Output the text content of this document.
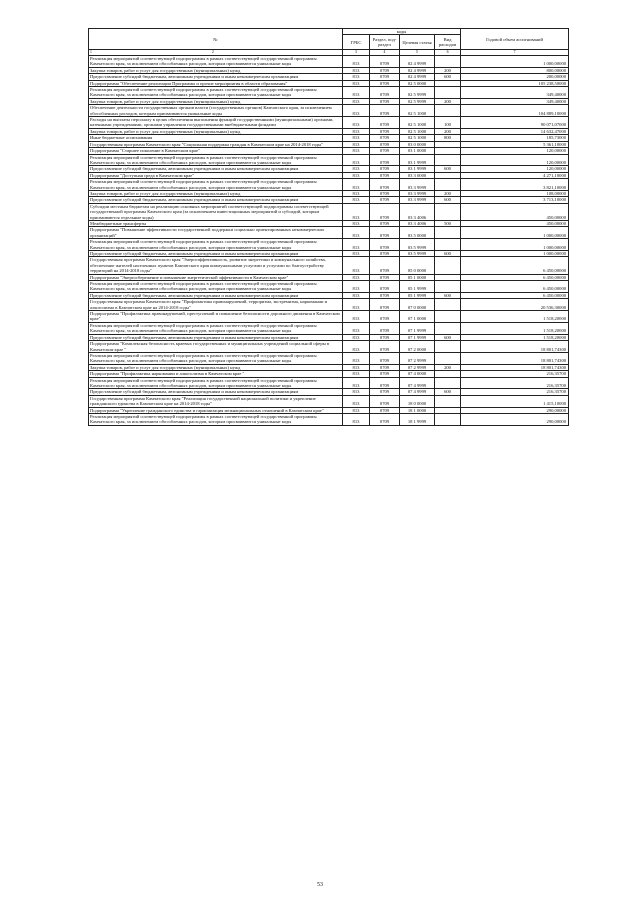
№	коды				Годовой объем ассигнований
	ГРБС	Раздел, под-раздел	Целевая статья	Вид расходов	
1 2	3	4	5	6	7
Реализация мероприятий соответствующей подпрограммы в рамках соответствующей государственной программы Камчатского края, за исключением обособленных расходов, которым присваиваются уникальные коды	813	0709	02 4 9999		1 000,00000
Закупка товаров, работ и услуг для государственных (муниципальных) нужд	813	0709	02 4 9999	200	800,00000
Предоставление субсидий бюджетным, автономным учреждениям и иным некоммерческим организациям	813	0709	02 4 9999	600	200,00000
Подпрограмма "Обеспечение реализации Программы и прочие мероприятия в области образования"	813	0709	02 5 0000		105 238,50000
Реализация мероприятий соответствующей подпрограммы в рамках соответствующей государственной программы Камчатского края, за исключением обособленных расходов, которым присваиваются уникальные коды	813	0709	02 5 9999		349,40000
Закупка товаров, работ и услуг для государственных (муниципальных) нужд	813	0709	02 5 9999	200	349,40000
Обеспечение деятельности государственных органов власти (государственных органов) Камчатского края, за исключением обособленных расходов, которым присваиваются уникальные коды	813	0709	02 5 1000		104 889,10000
Расходы на выплаты персоналу в целях обеспечения выполнения функций государственными (муниципальными) органами, казенными учреждениями, органами управления государственными внебюджетными фондами	813	0709	02 5 1000	100	90 071,07000
Закупка товаров, работ и услуг для государственных (муниципальных) нужд	813	0709	02 5 1000	200	14 632,47000
Иные бюджетные ассигнования	813	0709	02 5 1000	800	185,73000
Государственная программа Камчатского края "Социальная поддержка граждан в Камчатском крае на 2014-2018 годы"	813	0709	03 0 0000		5 361,10000
Подпрограмма "Старшее поколение в Камчатском крае"	813	0709	03 1 0000		120,00000
Реализация мероприятий соответствующей подпрограммы в рамках соответствующей государственной программы Камчатского края, за исключением обособленных расходов, которым присваиваются уникальные коды	813	0709	03 1 9999		120,00000
Предоставление субсидий бюджетным, автономным учреждениям и иным некоммерческим организациям	813	0709	03 1 9999	600	120,00000
Подпрограмма "Доступная среда в Камчатском крае"	813	0709	03 3 0000		4 271,10000
Реализация мероприятий соответствующей подпрограммы в рамках соответствующей государственной программы Камчатского края, за исключением обособленных расходов, которым присваиваются уникальные коды	813	0709	03 3 9999		3 821,10000
Закупка товаров, работ и услуг для государственных (муниципальных) нужд	813	0709	03 3 9999	200	108,00000
Предоставление субсидий бюджетным, автономным учреждениям и иным некоммерческим организациям	813	0709	03 3 9999	600	3 713,10000
Субсидии местным бюджетам на реализацию основных мероприятий соответствующей подпрограммы соответствующей государственной программы Камчатского края (за исключением инвестиционных мероприятий и субсидий, которым присваиваются отдельные коды)	813	0709	03 3 4006		450,00000
Межбюджетные трансферты	813	0709	03 3 4006	500	450,00000
Подпрограмма "Повышение эффективности государственной поддержки социально ориентированных некоммерческих организаций"	813	0709	03 5 0000		1 000,00000
Реализация мероприятий соответствующей подпрограммы в рамках соответствующей государственной программы Камчатского края, за исключением обособленных расходов, которым присваиваются уникальные коды	813	0709	03 5 9999		1 000,00000
Предоставление субсидий бюджетным, автономным учреждениям и иным некоммерческим организациям	813	0709	03 5 9999	600	1 000,00000
Государственная программа Камчатского края "Энергоэффективность, развитие энергетики и коммунального хозяйства, обеспечение жителей населенных пунктов Камчатского края коммунальными услугами и услугами по благоустройству территорий на 2014-2018 годы"	813	0709	05 0 0000		6 450,00000
Подпрограмма "Энергосбережение и повышение энергетической эффективности в Камчатском крае"	813	0709	05 1 0000		6 450,00000
Реализация мероприятий соответствующей подпрограммы в рамках соответствующей государственной программы Камчатского края, за исключением обособленных расходов, которым присваиваются уникальные коды	813	0709	05 1 9999		6 450,00000
Предоставление субсидий бюджетным, автономным учреждениям и иным некоммерческим организациям	813	0709	05 1 9999	600	6 450,00000
Государственная программа Камчатского края "Профилактика правонарушений, терроризма, экстремизма, наркомании и алкоголизма в Камчатском крае на 2014-2018 годы"	813	0709	07 0 0000		20 536,30000
Подпрограмма "Профилактика правонарушений, преступлений и повышение безопасности дорожного движения в Камчатском крае"	813	0709	07 1 0000		1 518,20000
Реализация мероприятий соответствующей подпрограммы в рамках соответствующей государственной программы Камчатского края, за исключением обособленных расходов, которым присваиваются уникальные коды	813	0709	07 1 9999		1 518,20000
Предоставление субсидий бюджетным, автономным учреждениям и иным некоммерческим организациям	813	0709	07 1 9999	600	1 518,20000
Подпрограмма "Комплексная безопасность краевых государственных и муниципальных учреждений социальной сферы в Камчатском крае "	813	0709	07 2 0000		18 801,74300
Реализация мероприятий соответствующей подпрограммы в рамках соответствующей государственной программы Камчатского края, за исключением обособленных расходов, которым присваиваются уникальные коды	813	0709	07 2 9999		18 801,74300
Закупка товаров, работ и услуг для государственных (муниципальных) нужд	813	0709	07 2 9999	200	18 801,74300
Подпрограмма "Профилактика наркомании и алкоголизма в Камчатском крае "	813	0709	07 4 0000		216,35700
Реализация мероприятий соответствующей подпрограммы в рамках соответствующей государственной программы Камчатского края, за исключением обособленных расходов, которым присваиваются уникальные коды	813	0709	07 4 9999		216,35700
Предоставление субсидий бюджетным, автономным учреждениям и иным некоммерческим организациям	813	0709	07 4 9999	600	216,35700
Государственная программа Камчатского края "Реализация государственной национальной политики и укрепление гражданского единства в Камчатском крае на 2014-2018 годы"	813	0709	18 0 0000		1 415,10000
Подпрограмма "Укрепление гражданского единства и гармонизация межнациональных отношений в Камчатском крае"	813	0709	18 1 0000		290,00000
Реализация мероприятий соответствующей подпрограммы в рамках соответствующей государственной программы Камчатского края, за исключением обособленных расходов, которым присваиваются уникальные коды	813	0709	18 1 9999		290,00000
53
